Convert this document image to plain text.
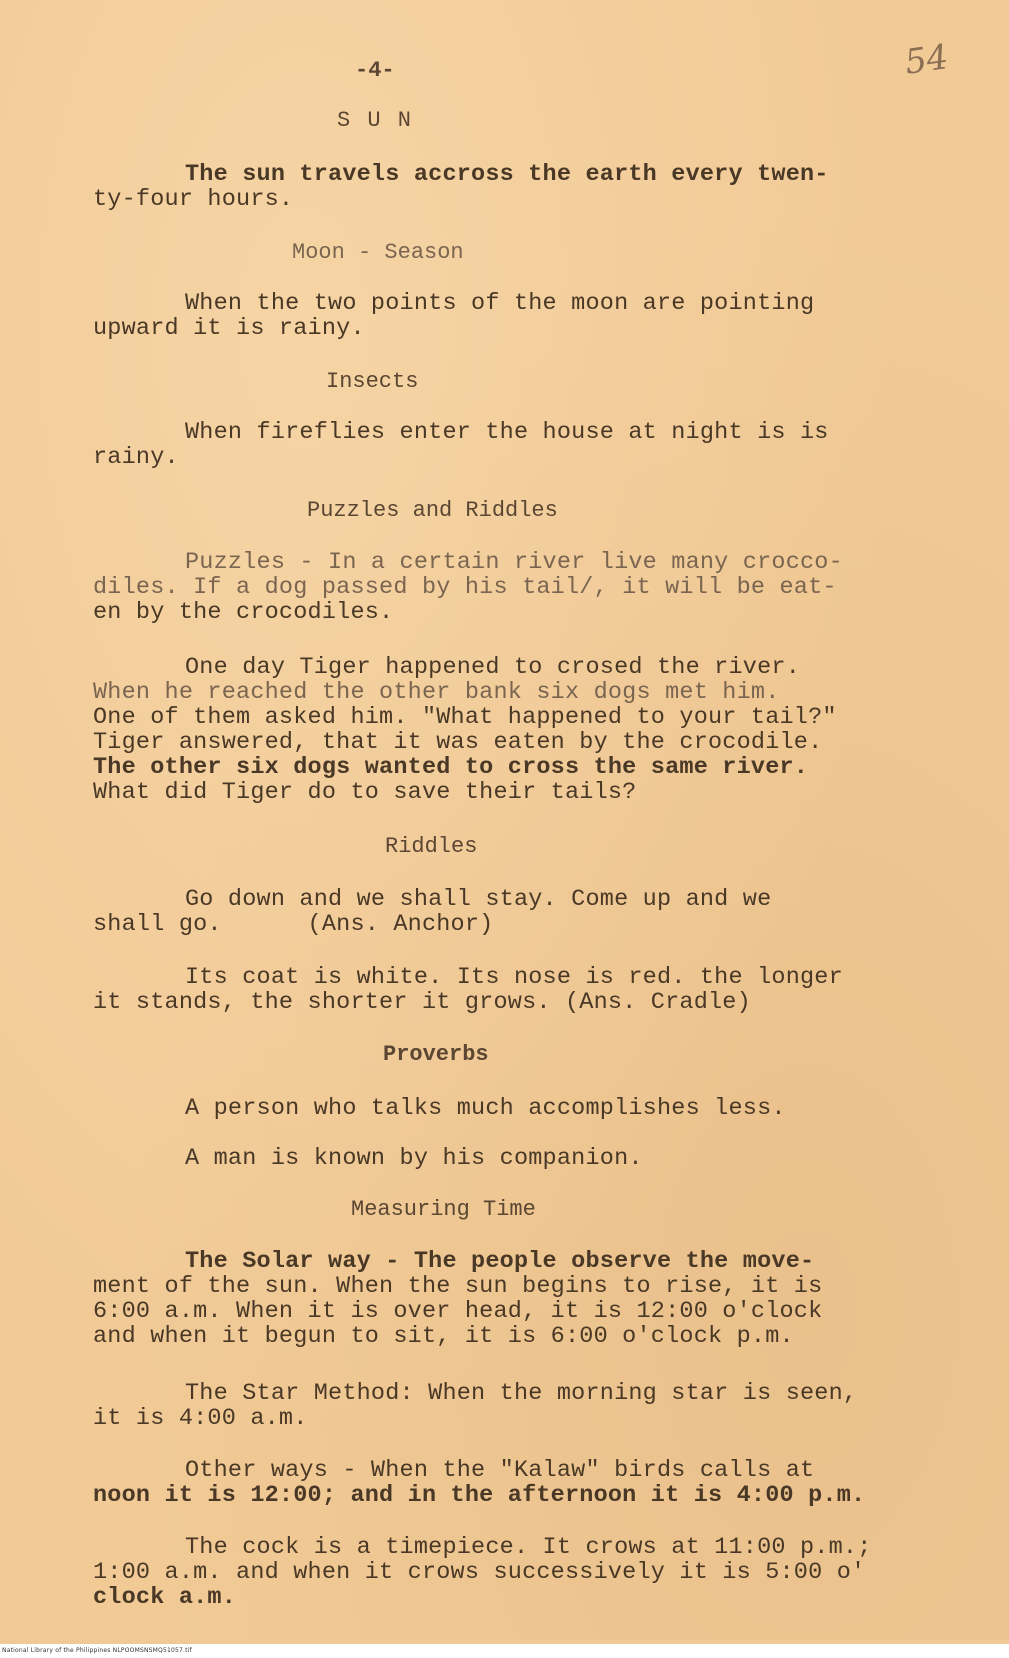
-4-	54
S U N
The sun travels accross the earth every twen-
ty-four hours.
Moon - Season
When the two points of the moon are pointing
upward it is rainy.
Insects
When fireflies enter the house at night is is
rainy.
Puzzles and Riddles
Puzzles - In a certain river live many crocco-
diles. If a dog passed by his tail/, it will be eat-
en by the crocodiles.
One day Tiger happened to crosed the river.
When he reached the other bank six dogs met him.
One of them asked him. "What happened to your tail?"
Tiger answered, that it was eaten by the crocodile.
The other six dogs wanted to cross the same river.
What did Tiger do to save their tails?
Riddles
Go down and we shall stay. Come up and we
shall go.      (Ans. Anchor)
Its coat is white. Its nose is red. the longer
it stands, the shorter it grows. (Ans. Cradle)
Proverbs
A person who talks much accomplishes less.
A man is known by his companion.
Measuring Time
The Solar way - The people observe the move-
ment of the sun. When the sun begins to rise, it is
6:00 a.m. When it is over head, it is 12:00 o'clock
and when it begun to sit, it is 6:00 o'clock p.m.
The Star Method: When the morning star is seen,
it is 4:00 a.m.
Other ways - When the "Kalaw" birds calls at
noon it is 12:00; and in the afternoon it is 4:00 p.m.
The cock is a timepiece. It crows at 11:00 p.m.;
1:00 a.m. and when it crows successively it is 5:00 o'
clock a.m.
National Library of the Philippines NLPOOMSNSMQ51057.tif
